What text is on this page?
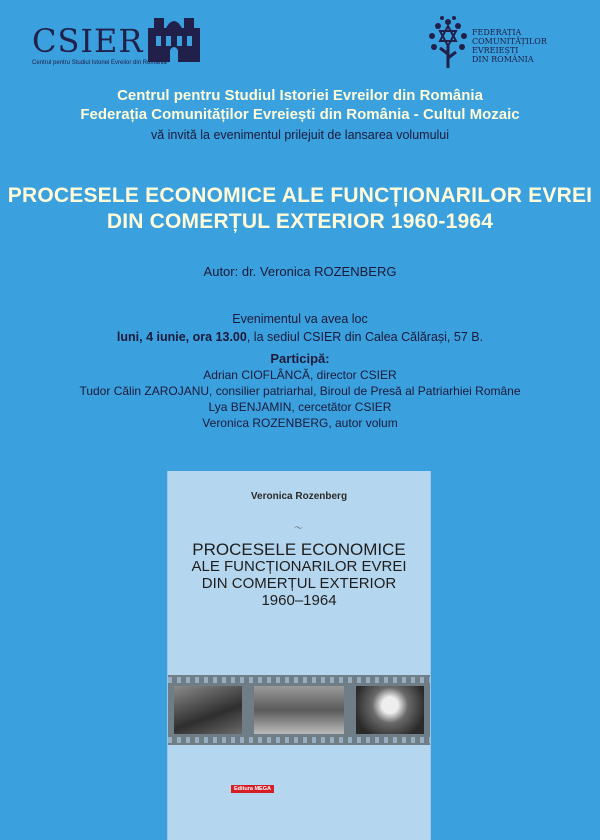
CSIER
Centrul pentru Studiul Istoriei Evreilor din România
FEDERAȚIA
COMUNITĂȚILOR
EVREIEȘTI
DIN ROMÂNIA
Centrul pentru Studiul Istoriei Evreilor din România
Federația Comunităților Evreiești din România - Cultul Mozaic
vă invită la evenimentul prilejuit de lansarea volumului
PROCESELE ECONOMICE ALE FUNCȚIONARILOR EVREI
DIN COMERȚUL EXTERIOR 1960-1964
Autor: dr. Veronica ROZENBERG
Evenimentul va avea loc
luni, 4 iunie, ora 13.00, la sediul CSIER din Calea Călărași, 57 B.
Participă:
Adrian CIOFLÂNCĂ, director CSIER
Tudor Călin ZAROJANU, consilier patriarhal, Biroul de Presă al Patriarhiei Române
Lya BENJAMIN, cercetător CSIER
Veronica ROZENBERG, autor volum
Veronica Rozenberg
〜
PROCESELE ECONOMICE
ALE FUNCȚIONARILOR EVREI
DIN COMERȚUL EXTERIOR
1960–1964
Editura MEGA
